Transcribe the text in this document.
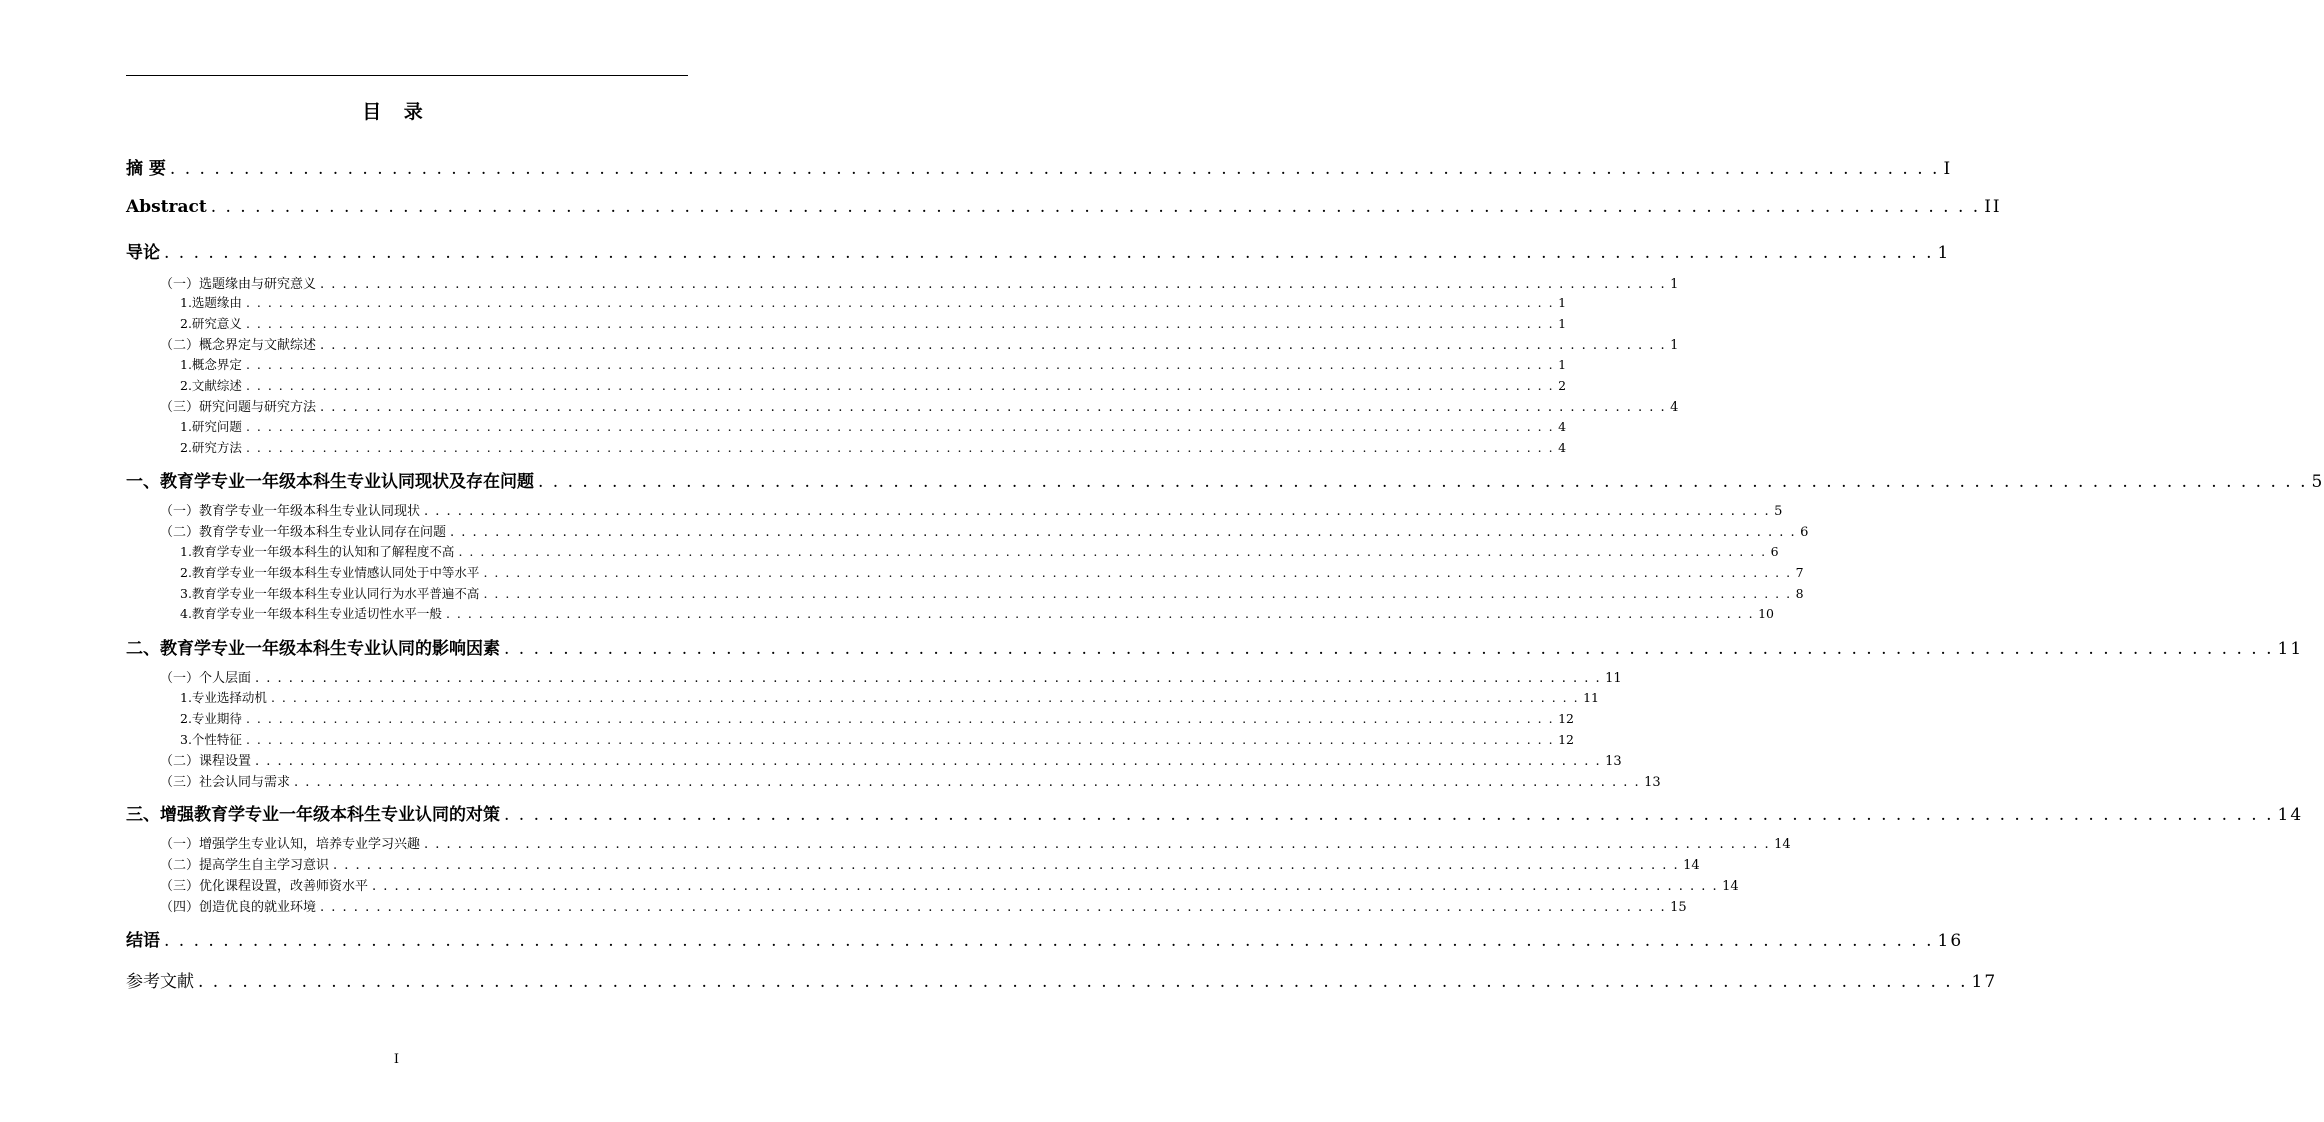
目 录
摘 要 . . . . . . . . . . . . . . . . . . . . . . . . . . . . . . . . . . . . . . . . . . . . . . . . . . . . . . . . . . . . . . . . . . . . . . . . . . . . . . . . . . . . . . . . . . . . . . . . . . . . . . . . . . . . . . . . . . . . . . . . I
Abstract . . . . . . . . . . . . . . . . . . . . . . . . . . . . . . . . . . . . . . . . . . . . . . . . . . . . . . . . . . . . . . . . . . . . . . . . . . . . . . . . . . . . . . . . . . . . . . . . . . . . . . . . . . . . . . . . . . . . . . . . II
导论 . . . . . . . . . . . . . . . . . . . . . . . . . . . . . . . . . . . . . . . . . . . . . . . . . . . . . . . . . . . . . . . . . . . . . . . . . . . . . . . . . . . . . . . . . . . . . . . . . . . . . . . . . . . . . . . . . . . . . . . . 1
（一）选题缘由与研究意义 . . . . . . . . . . . . . . . . . . . . . . . . . . . . . . . . . . . . . . . . . . . . . . . . . . . . . . . . . . . . . . . . . . . . . . . . . . . . . . . . . . . . . . . . . . . . . . . . . . . . . . . . . . . . . . . . . . . . . . . . 1
1.选题缘由 . . . . . . . . . . . . . . . . . . . . . . . . . . . . . . . . . . . . . . . . . . . . . . . . . . . . . . . . . . . . . . . . . . . . . . . . . . . . . . . . . . . . . . . . . . . . . . . . . . . . . . . . . . . . . . . . . . . . . . . . 1
2.研究意义 . . . . . . . . . . . . . . . . . . . . . . . . . . . . . . . . . . . . . . . . . . . . . . . . . . . . . . . . . . . . . . . . . . . . . . . . . . . . . . . . . . . . . . . . . . . . . . . . . . . . . . . . . . . . . . . . . . . . . . . . 1
（二）概念界定与文献综述 . . . . . . . . . . . . . . . . . . . . . . . . . . . . . . . . . . . . . . . . . . . . . . . . . . . . . . . . . . . . . . . . . . . . . . . . . . . . . . . . . . . . . . . . . . . . . . . . . . . . . . . . . . . . . . . . . . . . . . . . 1
1.概念界定 . . . . . . . . . . . . . . . . . . . . . . . . . . . . . . . . . . . . . . . . . . . . . . . . . . . . . . . . . . . . . . . . . . . . . . . . . . . . . . . . . . . . . . . . . . . . . . . . . . . . . . . . . . . . . . . . . . . . . . . . 1
2.文献综述 . . . . . . . . . . . . . . . . . . . . . . . . . . . . . . . . . . . . . . . . . . . . . . . . . . . . . . . . . . . . . . . . . . . . . . . . . . . . . . . . . . . . . . . . . . . . . . . . . . . . . . . . . . . . . . . . . . . . . . . . 2
（三）研究问题与研究方法 . . . . . . . . . . . . . . . . . . . . . . . . . . . . . . . . . . . . . . . . . . . . . . . . . . . . . . . . . . . . . . . . . . . . . . . . . . . . . . . . . . . . . . . . . . . . . . . . . . . . . . . . . . . . . . . . . . . . . . . . 4
1.研究问题 . . . . . . . . . . . . . . . . . . . . . . . . . . . . . . . . . . . . . . . . . . . . . . . . . . . . . . . . . . . . . . . . . . . . . . . . . . . . . . . . . . . . . . . . . . . . . . . . . . . . . . . . . . . . . . . . . . . . . . . . 4
2.研究方法 . . . . . . . . . . . . . . . . . . . . . . . . . . . . . . . . . . . . . . . . . . . . . . . . . . . . . . . . . . . . . . . . . . . . . . . . . . . . . . . . . . . . . . . . . . . . . . . . . . . . . . . . . . . . . . . . . . . . . . . . 4
一、教育学专业一年级本科生专业认同现状及存在问题 . . . . . . . . . . . . . . . . . . . . . . . . . . . . . . . . . . . . . . . . . . . . . . . . . . . . . . . . . . . . . . . . . . . . . . . . . . . . . . . . . . . . . . . . . . . . . . . . . . . . . . . . . . . . . . . . . . . . . . . . 5
（一）教育学专业一年级本科生专业认同现状 . . . . . . . . . . . . . . . . . . . . . . . . . . . . . . . . . . . . . . . . . . . . . . . . . . . . . . . . . . . . . . . . . . . . . . . . . . . . . . . . . . . . . . . . . . . . . . . . . . . . . . . . . . . . . . . . . . . . . . . . 5
（二）教育学专业一年级本科生专业认同存在问题 . . . . . . . . . . . . . . . . . . . . . . . . . . . . . . . . . . . . . . . . . . . . . . . . . . . . . . . . . . . . . . . . . . . . . . . . . . . . . . . . . . . . . . . . . . . . . . . . . . . . . . . . . . . . . . . . . . . . . . . . 6
1.教育学专业一年级本科生的认知和了解程度不高 . . . . . . . . . . . . . . . . . . . . . . . . . . . . . . . . . . . . . . . . . . . . . . . . . . . . . . . . . . . . . . . . . . . . . . . . . . . . . . . . . . . . . . . . . . . . . . . . . . . . . . . . . . . . . . . . . . . . . . . . 6
2.教育学专业一年级本科生专业情感认同处于中等水平 . . . . . . . . . . . . . . . . . . . . . . . . . . . . . . . . . . . . . . . . . . . . . . . . . . . . . . . . . . . . . . . . . . . . . . . . . . . . . . . . . . . . . . . . . . . . . . . . . . . . . . . . . . . . . . . . . . . . . . . . 7
3.教育学专业一年级本科生专业认同行为水平普遍不高 . . . . . . . . . . . . . . . . . . . . . . . . . . . . . . . . . . . . . . . . . . . . . . . . . . . . . . . . . . . . . . . . . . . . . . . . . . . . . . . . . . . . . . . . . . . . . . . . . . . . . . . . . . . . . . . . . . . . . . . . 8
4.教育学专业一年级本科生专业适切性水平一般 . . . . . . . . . . . . . . . . . . . . . . . . . . . . . . . . . . . . . . . . . . . . . . . . . . . . . . . . . . . . . . . . . . . . . . . . . . . . . . . . . . . . . . . . . . . . . . . . . . . . . . . . . . . . . . . . . . . . . . . . 10
二、教育学专业一年级本科生专业认同的影响因素 . . . . . . . . . . . . . . . . . . . . . . . . . . . . . . . . . . . . . . . . . . . . . . . . . . . . . . . . . . . . . . . . . . . . . . . . . . . . . . . . . . . . . . . . . . . . . . . . . . . . . . . . . . . . . . . . . . . . . . . . 11
（一）个人层面 . . . . . . . . . . . . . . . . . . . . . . . . . . . . . . . . . . . . . . . . . . . . . . . . . . . . . . . . . . . . . . . . . . . . . . . . . . . . . . . . . . . . . . . . . . . . . . . . . . . . . . . . . . . . . . . . . . . . . . . . 11
1.专业选择动机 . . . . . . . . . . . . . . . . . . . . . . . . . . . . . . . . . . . . . . . . . . . . . . . . . . . . . . . . . . . . . . . . . . . . . . . . . . . . . . . . . . . . . . . . . . . . . . . . . . . . . . . . . . . . . . . . . . . . . . . . 11
2.专业期待 . . . . . . . . . . . . . . . . . . . . . . . . . . . . . . . . . . . . . . . . . . . . . . . . . . . . . . . . . . . . . . . . . . . . . . . . . . . . . . . . . . . . . . . . . . . . . . . . . . . . . . . . . . . . . . . . . . . . . . . . 12
3.个性特征 . . . . . . . . . . . . . . . . . . . . . . . . . . . . . . . . . . . . . . . . . . . . . . . . . . . . . . . . . . . . . . . . . . . . . . . . . . . . . . . . . . . . . . . . . . . . . . . . . . . . . . . . . . . . . . . . . . . . . . . . 12
（二）课程设置 . . . . . . . . . . . . . . . . . . . . . . . . . . . . . . . . . . . . . . . . . . . . . . . . . . . . . . . . . . . . . . . . . . . . . . . . . . . . . . . . . . . . . . . . . . . . . . . . . . . . . . . . . . . . . . . . . . . . . . . . 13
（三）社会认同与需求 . . . . . . . . . . . . . . . . . . . . . . . . . . . . . . . . . . . . . . . . . . . . . . . . . . . . . . . . . . . . . . . . . . . . . . . . . . . . . . . . . . . . . . . . . . . . . . . . . . . . . . . . . . . . . . . . . . . . . . . . 13
三、增强教育学专业一年级本科生专业认同的对策 . . . . . . . . . . . . . . . . . . . . . . . . . . . . . . . . . . . . . . . . . . . . . . . . . . . . . . . . . . . . . . . . . . . . . . . . . . . . . . . . . . . . . . . . . . . . . . . . . . . . . . . . . . . . . . . . . . . . . . . . 14
（一）增强学生专业认知，培养专业学习兴趣 . . . . . . . . . . . . . . . . . . . . . . . . . . . . . . . . . . . . . . . . . . . . . . . . . . . . . . . . . . . . . . . . . . . . . . . . . . . . . . . . . . . . . . . . . . . . . . . . . . . . . . . . . . . . . . . . . . . . . . . . 14
（二）提高学生自主学习意识 . . . . . . . . . . . . . . . . . . . . . . . . . . . . . . . . . . . . . . . . . . . . . . . . . . . . . . . . . . . . . . . . . . . . . . . . . . . . . . . . . . . . . . . . . . . . . . . . . . . . . . . . . . . . . . . . . . . . . . . . 14
（三）优化课程设置，改善师资水平 . . . . . . . . . . . . . . . . . . . . . . . . . . . . . . . . . . . . . . . . . . . . . . . . . . . . . . . . . . . . . . . . . . . . . . . . . . . . . . . . . . . . . . . . . . . . . . . . . . . . . . . . . . . . . . . . . . . . . . . . 14
（四）创造优良的就业环境 . . . . . . . . . . . . . . . . . . . . . . . . . . . . . . . . . . . . . . . . . . . . . . . . . . . . . . . . . . . . . . . . . . . . . . . . . . . . . . . . . . . . . . . . . . . . . . . . . . . . . . . . . . . . . . . . . . . . . . . . 15
结语 . . . . . . . . . . . . . . . . . . . . . . . . . . . . . . . . . . . . . . . . . . . . . . . . . . . . . . . . . . . . . . . . . . . . . . . . . . . . . . . . . . . . . . . . . . . . . . . . . . . . . . . . . . . . . . . . . . . . . . . . 16
参考文献 . . . . . . . . . . . . . . . . . . . . . . . . . . . . . . . . . . . . . . . . . . . . . . . . . . . . . . . . . . . . . . . . . . . . . . . . . . . . . . . . . . . . . . . . . . . . . . . . . . . . . . . . . . . . . . . . . . . . . . . . 17
I
